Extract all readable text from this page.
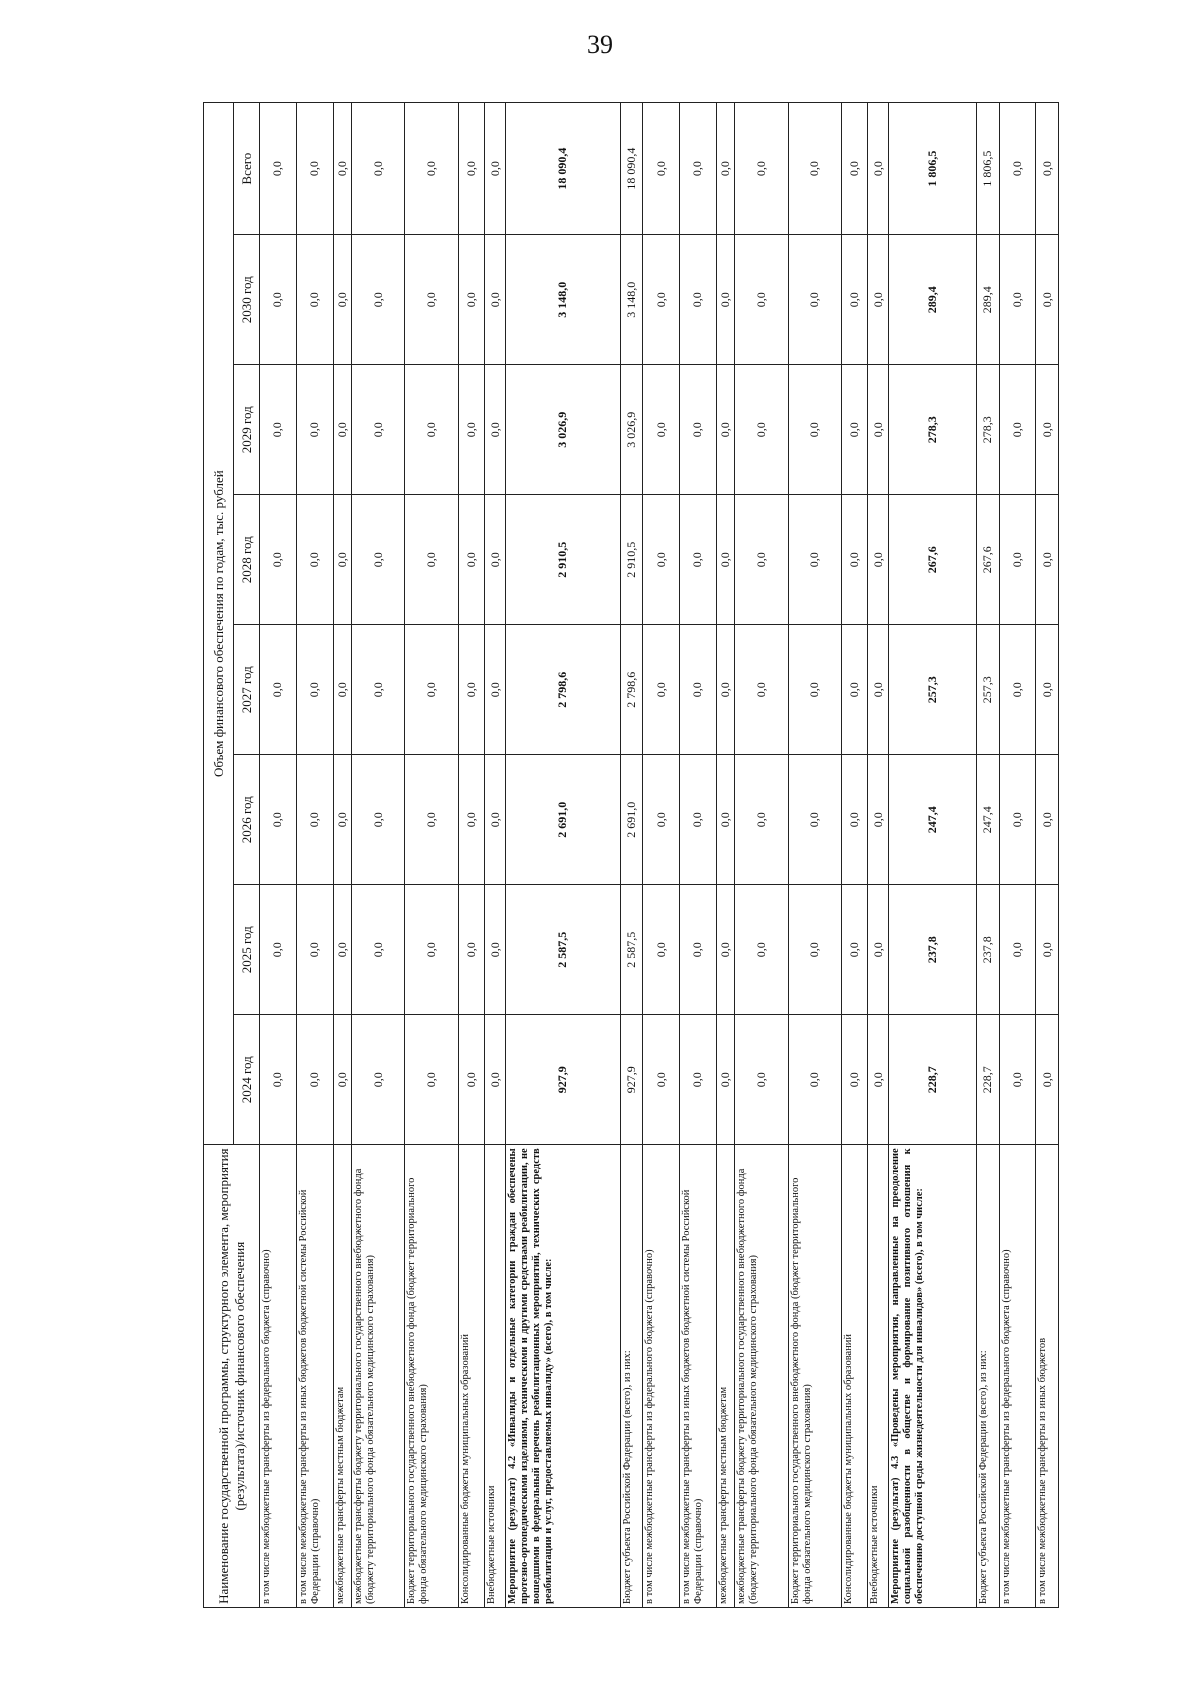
39
Наименование государственной программы, структурного элемента, мероприятия (результата)/источник финансового обеспечения	Объем финансового обеспечения по годам, тыс. рублей							
	2024 год	2025 год	2026 год	2027 год	2028 год	2029 год	2030 год	Всего
в том числе межбюджетные трансферты из федерального бюджета (справочно)	0,0	0,0	0,0	0,0	0,0	0,0	0,0	0,0
в том числе межбюджетные трансферты из иных бюджетов бюджетной системы Российской Федерации (справочно)	0,0	0,0	0,0	0,0	0,0	0,0	0,0	0,0
межбюджетные трансферты местным бюджетам	0,0	0,0	0,0	0,0	0,0	0,0	0,0	0,0
межбюджетные трансферты бюджету территориального государственного внебюджетного фонда (бюджету территориального фонда обязательного медицинского страхования)	0,0	0,0	0,0	0,0	0,0	0,0	0,0	0,0
Бюджет территориального государственного внебюджетного фонда (бюджет территориального фонда обязательного медицинского страхования)	0,0	0,0	0,0	0,0	0,0	0,0	0,0	0,0
Консолидированные бюджеты муниципальных образований	0,0	0,0	0,0	0,0	0,0	0,0	0,0	0,0
Внебюджетные источники	0,0	0,0	0,0	0,0	0,0	0,0	0,0	0,0
Мероприятие (результат) 4.2 «Инвалиды и отдельные категории граждан обеспечены протезно-ортопедическими изделиями, техническими и другими средствами реабилитации, не вошедшими в федеральный перечень реабилитационных мероприятий, технических средств реабилитации и услуг, предоставляемых инвалиду» (всего), в том числе:	927,9	2 587,5	2 691,0	2 798,6	2 910,5	3 026,9	3 148,0	18 090,4
Бюджет субъекта Российской Федерации (всего), из них:	927,9	2 587,5	2 691,0	2 798,6	2 910,5	3 026,9	3 148,0	18 090,4
в том числе межбюджетные трансферты из федерального бюджета (справочно)	0,0	0,0	0,0	0,0	0,0	0,0	0,0	0,0
в том числе межбюджетные трансферты из иных бюджетов бюджетной системы Российской Федерации (справочно)	0,0	0,0	0,0	0,0	0,0	0,0	0,0	0,0
межбюджетные трансферты местным бюджетам	0,0	0,0	0,0	0,0	0,0	0,0	0,0	0,0
межбюджетные трансферты бюджету территориального государственного внебюджетного фонда (бюджету территориального фонда обязательного медицинского страхования)	0,0	0,0	0,0	0,0	0,0	0,0	0,0	0,0
Бюджет территориального государственного внебюджетного фонда (бюджет территориального фонда обязательного медицинского страхования)	0,0	0,0	0,0	0,0	0,0	0,0	0,0	0,0
Консолидированные бюджеты муниципальных образований	0,0	0,0	0,0	0,0	0,0	0,0	0,0	0,0
Внебюджетные источники	0,0	0,0	0,0	0,0	0,0	0,0	0,0	0,0
Мероприятие (результат) 4.3 «Проведены мероприятия, направленные на преодоление социальной разобщенности в обществе и формирование позитивного отношения к обеспечению доступной среды жизнедеятельности для инвалидов» (всего), в том числе:	228,7	237,8	247,4	257,3	267,6	278,3	289,4	1 806,5
Бюджет субъекта Российской Федерации (всего), из них:	228,7	237,8	247,4	257,3	267,6	278,3	289,4	1 806,5
в том числе межбюджетные трансферты из федерального бюджета (справочно)	0,0	0,0	0,0	0,0	0,0	0,0	0,0	0,0
в том числе межбюджетные трансферты из иных бюджетов	0,0	0,0	0,0	0,0	0,0	0,0	0,0	0,0
